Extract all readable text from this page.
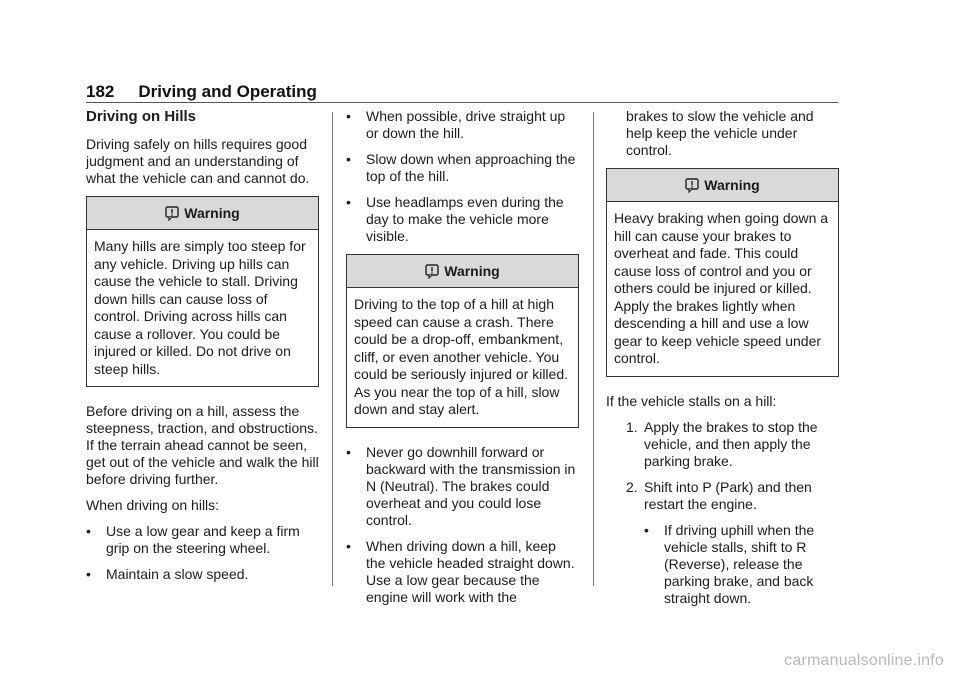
182 Driving and Operating
Driving on Hills

Driving safely on hills requires good judgment and an understanding of what the vehicle can and cannot do.

Warning
Many hills are simply too steep for any vehicle. Driving up hills can cause the vehicle to stall. Driving down hills can cause loss of control. Driving across hills can cause a rollover. You could be injured or killed. Do not drive on steep hills.

Before driving on a hill, assess the steepness, traction, and obstructions. If the terrain ahead cannot be seen, get out of the vehicle and walk the hill before driving further.

When driving on hills:

• Use a low gear and keep a firm grip on the steering wheel.
• Maintain a slow speed.
• When possible, drive straight up or down the hill.
• Slow down when approaching the top of the hill.
• Use headlamps even during the day to make the vehicle more visible.
Warning
Driving to the top of a hill at high speed can cause a crash. There could be a drop-off, embankment, cliff, or even another vehicle. You could be seriously injured or killed. As you near the top of a hill, slow down and stay alert.
• Never go downhill forward or backward with the transmission in N (Neutral). The brakes could overheat and you could lose control.
• When driving down a hill, keep the vehicle headed straight down. Use a low gear because the engine will work with the

brakes to slow the vehicle and help keep the vehicle under control.

Warning
Heavy braking when going down a hill can cause your brakes to overheat and fade. This could cause loss of control and you or others could be injured or killed. Apply the brakes lightly when descending a hill and use a low gear to keep vehicle speed under control.

If the vehicle stalls on a hill:

1. Apply the brakes to stop the vehicle, and then apply the parking brake.
2. Shift into P (Park) and then restart the engine.
• If driving uphill when the vehicle stalls, shift to R (Reverse), release the parking brake, and back straight down.
carmanualsonline.info
